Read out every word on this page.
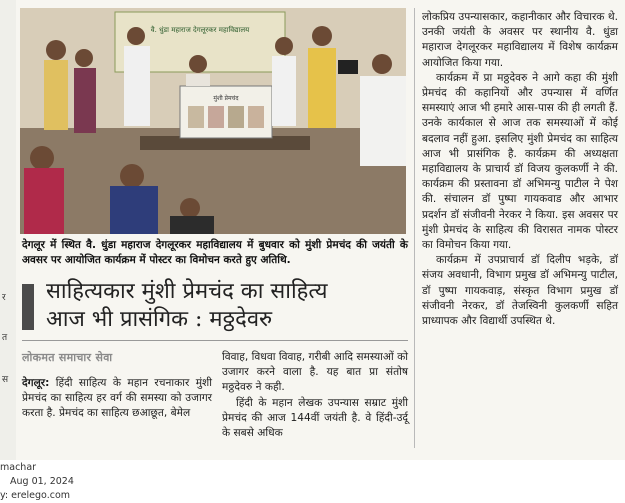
र
त
स
वै. धुंडा महाराज देगलूरकर महाविद्यालय
मुंशी प्रेमचंद
देगलूर में स्थित वै. धुंडा महाराज देगलूरकर महाविद्यालय में बुधवार को मुंशी प्रेमचंद की जयंती के अवसर पर आयोजित कार्यक्रम में पोस्टर का विमोचन करते हुए अतिथि.
साहित्यकार मुंशी प्रेमचंद का साहित्य
आज भी प्रासंगिक : मठ्ठदेवरु
लोकमत समाचार सेवा

देगलूर: हिंदी साहित्य के महान रचनाकार मुंशी प्रेमचंद का साहित्य हर वर्ग की समस्या को उजागर करता है. प्रेमचंद का साहित्य छआछूत, बेमेल

विवाह, विधवा विवाह, गरीबी आदि समस्याओं को उजागर करने वाला है. यह बात प्रा संतोष मठ्ठदेवरु ने कही.

हिंदी के महान लेखक उपन्यास सम्राट मुंशी प्रेमचंद की आज 144वीं जयंती है. वे हिंदी-उर्दू के सबसे अधिक

लोकप्रिय उपन्यासकार, कहानीकार और विचारक थे. उनकी जयंती के अवसर पर स्थानीय वै. धुंडा महाराज देगलूरकर महाविद्यालय में विशेष कार्यक्रम आयोजित किया गया.

कार्यक्रम में प्रा मठ्ठदेवरु ने आगे कहा की मुंशी प्रेमचंद की कहानियों और उपन्यास में वर्णित समस्याएं आज भी हमारे आस-पास की ही लगती हैं. उनके कार्यकाल से आज तक समस्याओं में कोई बदलाव नहीं हुआ. इसलिए मुंशी प्रेमचंद का साहित्य आज भी प्रासंगिक है. कार्यक्रम की अध्यक्षता महाविद्यालय के प्राचार्य डॉ विजय कुलकर्णी ने की. कार्यक्रम की प्रस्तावना डॉ अभिमन्यु पाटील ने पेश की. संचालन डॉ पुष्पा गायकवाड और आभार प्रदर्शन डॉ संजीवनी नेरकर ने किया. इस अवसर पर मुंशी प्रेमचंद के साहित्य की विरासत नामक पोस्टर का विमोचन किया गया.

कार्यक्रम में उपप्राचार्य डॉ दिलीप भड़के, डॉ संजय अवधानी, विभाग प्रमुख डॉ अभिमन्यु पाटील, डॉ पुष्पा गायकवाड़, संस्कृत विभाग प्रमुख डॉ संजीवनी नेरकर, डॉ तेजस्विनी कुलकर्णी सहित प्राध्यापक और विद्यार्थी उपस्थित थे.

machar
Aug 01, 2024
y: erelego.com
